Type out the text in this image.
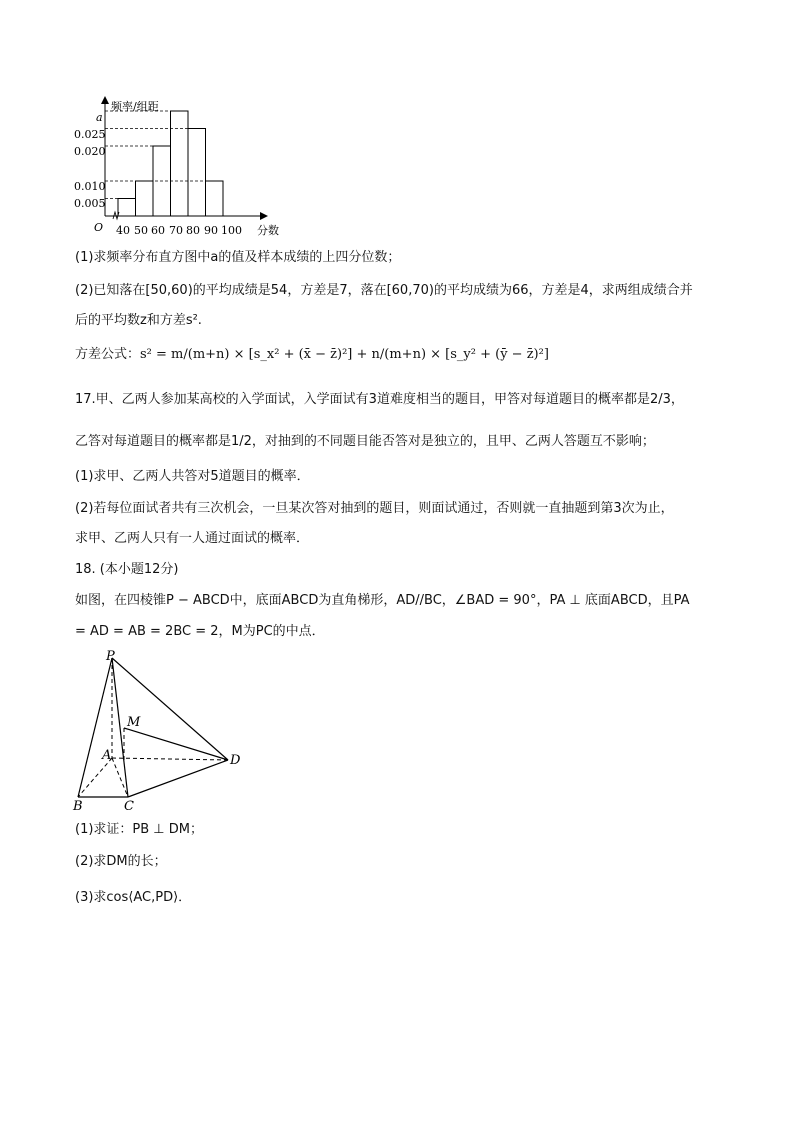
频率/组距
分数
O
a
0.025
0.020
0.010
0.005
40 50 60 70 80 90 100
(1)求频率分布直方图中a的值及样本成绩的上四分位数；
(2)已知落在[50,60)的平均成绩是54，方差是7，落在[60,70)的平均成绩为66，方差是4，求两组成绩合并
后的平均数z和方差s².
方差公式：s² = m/(m+n) × [s_x² + (x̄ − z̄)²] + n/(m+n) × [s_y² + (ȳ − z̄)²]
17.甲、乙两人参加某高校的入学面试，入学面试有3道难度相当的题目，甲答对每道题目的概率都是2/3，
乙答对每道题目的概率都是1/2，对抽到的不同题目能否答对是独立的，且甲、乙两人答题互不影响；
(1)求甲、乙两人共答对5道题目的概率．
(2)若每位面试者共有三次机会，一旦某次答对抽到的题目，则面试通过，否则就一直抽题到第3次为止，
求甲、乙两人只有一人通过面试的概率．
18. (本小题12分)
如图，在四棱锥P − ABCD中，底面ABCD为直角梯形，AD//BC，∠BAD = 90°，PA ⊥ 底面ABCD，且PA
= AD = AB = 2BC = 2，M为PC的中点．
P
M
A	D
B	C
(1)求证：PB ⊥ DM；
(2)求DM的长；
(3)求cos⟨AC,PD⟩．
